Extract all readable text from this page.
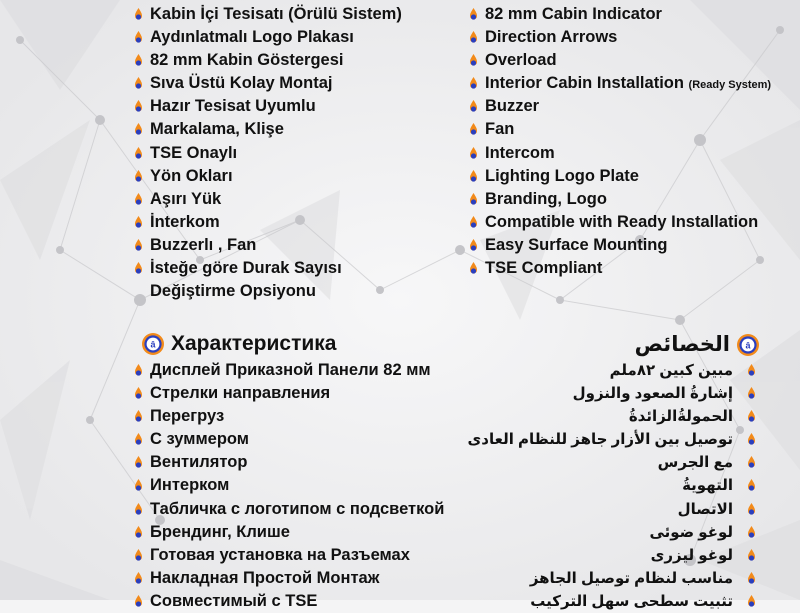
Kabin İçi Tesisatı (Örülü Sistem)
Aydınlatmalı Logo Plakası
82 mm Kabin Göstergesi
Sıva Üstü Kolay Montaj
Hazır Tesisat Uyumlu
Markalama, Klişe
TSE Onaylı
Yön Okları
Aşırı Yük
İnterkom
Buzzerlı , Fan
İsteğe göre Durak Sayısı
Değiştirme Opsiyonu
82 mm Cabin Indicator
Direction Arrows
Overload
Interior Cabin Installation (Ready System)
Buzzer
Fan
Intercom
Lighting Logo Plate
Branding, Logo
Compatible with Ready Installation
Easy Surface Mounting
TSE Compliant
â Характеристика
Дисплей Приказной Панели 82 мм
Стрелки направления
Перегруз
С зуммером
Вентилятор
Интерком
Табличка с логотипом с подсветкой
Брендинг, Клише
Готовая установка на Разъемах
Накладная Простой Монтаж
Совместимый с TSE
â
الخصائص
مبين كبين ٨٢ملم
إشارةُ الصعود والنزول
الحمولةُالزائدةُ
توصيل بين الأزار جاهز للنظام العادى
مع الجرس
التهويةُ
الاتصال
لوغو ضوئى
لوغو ليزرى
مناسب لنظام توصيل الجاهز
تثبيت سطحى سهل التركيب
